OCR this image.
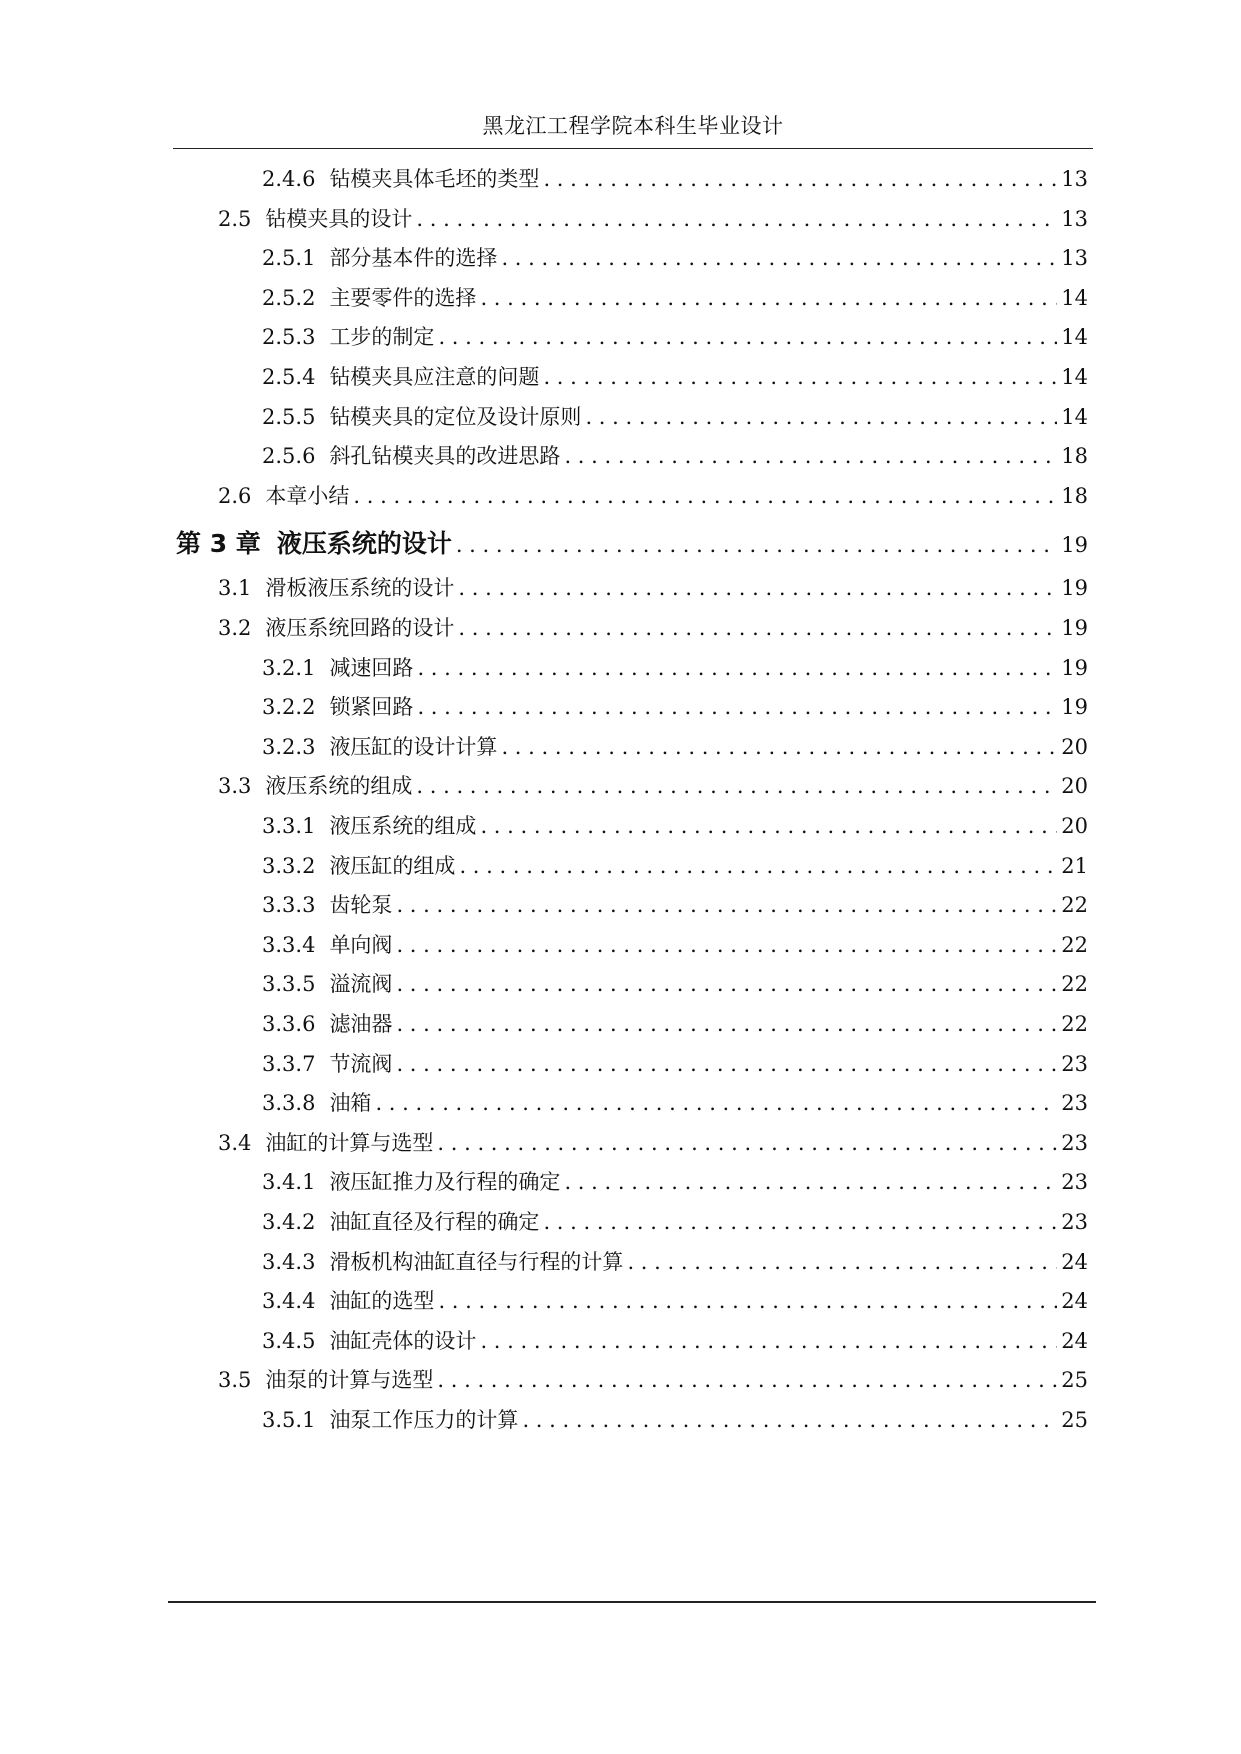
黑龙江工程学院本科生毕业设计
2.4.6 钻模夹具体毛坯的类型 . . .	13
2.5 钻模夹具的设计 . . .	13
2.5.1 部分基本件的选择 . . .	13
2.5.2 主要零件的选择 . . .	14
2.5.3 工步的制定 . . .	14
2.5.4 钻模夹具应注意的问题 . . .	14
2.5.5 钻模夹具的定位及设计原则 . . .	14
2.5.6 斜孔钻模夹具的改进思路 . . .	18
2.6 本章小结 . . .	18
第 3 章 液压系统的设计 . . .	19
3.1 滑板液压系统的设计 . . .	19
3.2 液压系统回路的设计 . . .	19
3.2.1 减速回路 . . .	19
3.2.2 锁紧回路 . . .	19
3.2.3 液压缸的设计计算 . . .	20
3.3 液压系统的组成 . . .	20
3.3.1 液压系统的组成 . . .	20
3.3.2 液压缸的组成 . . .	21
3.3.3 齿轮泵 . . .	22
3.3.4 单向阀 . . .	22
3.3.5 溢流阀 . . .	22
3.3.6 滤油器 . . .	22
3.3.7 节流阀 . . .	23
3.3.8 油箱 . . .	23
3.4 油缸的计算与选型 . . .	23
3.4.1 液压缸推力及行程的确定 . . .	23
3.4.2 油缸直径及行程的确定 . . .	23
3.4.3 滑板机构油缸直径与行程的计算 . . .	24
3.4.4 油缸的选型 . . .	24
3.4.5 油缸壳体的设计 . . .	24
3.5 油泵的计算与选型 . . .	25
3.5.1 油泵工作压力的计算 . . .	25
